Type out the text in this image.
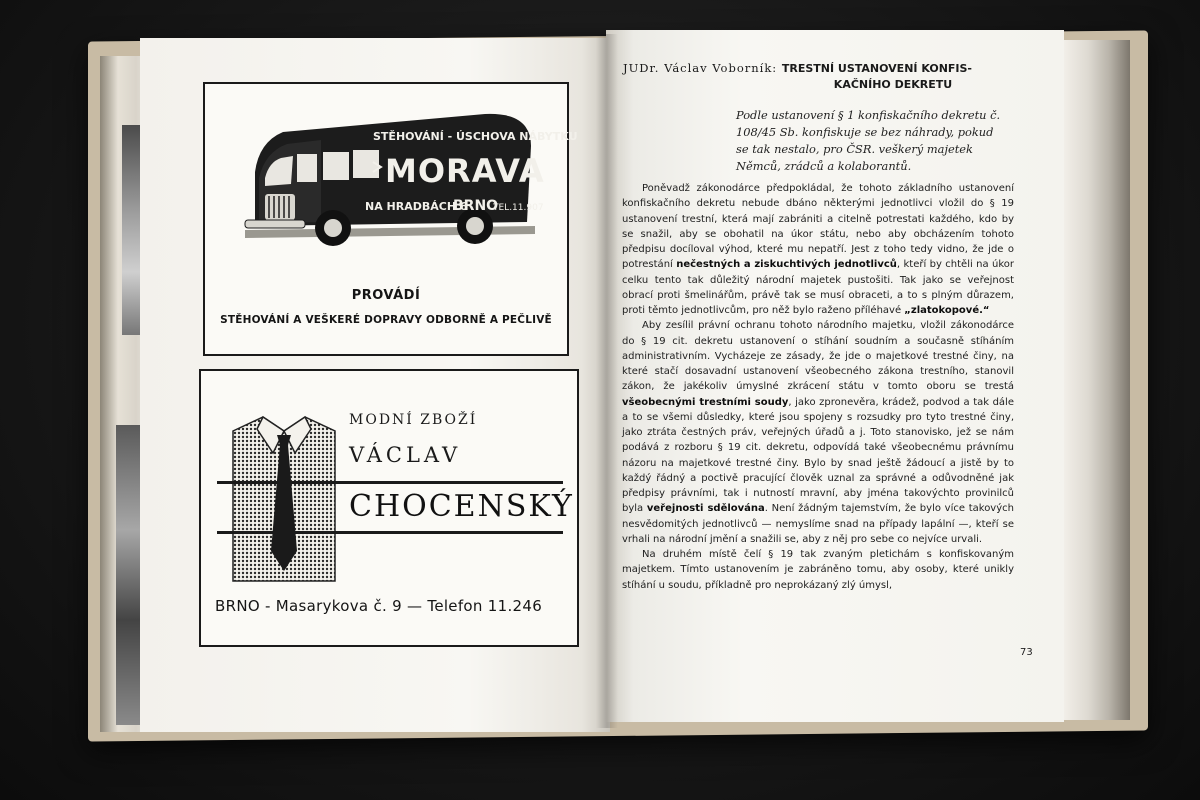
STĚHOVÁNÍ - ÚSCHOVA NÁBYTKU
MORAVA
NA HRADBÁCH 6
BRNO
TEL.11.907
PROVÁDÍ
STĚHOVÁNÍ A VEŠKERÉ DOPRAVY ODBORNĚ A PEČLIVĚ
MODNÍ ZBOŽÍ
VÁCLAV
CHOCENSKÝ
BRNO - Masarykova č. 9 — Telefon 11.246
JUDr. Václav Voborník: TRESTNÍ USTANOVENÍ KONFIS-
KAČNÍHO DEKRETU
Podle ustanovení § 1 konfiskačního dekretu č. 108/45 Sb. konfiskuje se bez náhrady, pokud se tak nestalo, pro ČSR. veškerý majetek Němců, zrádců a kolaborantů.

Poněvadž zákonodárce předpokládal, že tohoto základního ustanovení konfiskačního dekretu nebude dbáno některými jednotlivci vložil do § 19 ustanovení trestní, která mají zabrániti a citelně potrestati každého, kdo by se snažil, aby se obohatil na úkor státu, nebo aby obcházením tohoto předpisu docíloval výhod, které mu nepatří. Jest z toho tedy vidno, že jde o potrestání nečestných a ziskuchtivých jednotlivců, kteří by chtěli na úkor celku tento tak důležitý národní majetek pustošiti. Tak jako se veřejnost obrací proti šmelinářům, právě tak se musí obraceti, a to s plným důrazem, proti těmto jednotlivcům, pro něž bylo raženo příléhavé „zlatokopové.“

Aby zesílil právní ochranu tohoto národního majetku, vložil zákonodárce do § 19 cit. dekretu ustanovení o stíhání soudním a současně stíháním administrativním. Vycházeje ze zásady, že jde o majetkové trestné činy, na které stačí dosavadní ustanovení všeobecného zákona trestního, stanovil zákon, že jakékoliv úmyslné zkrácení státu v tomto oboru se trestá všeobecnými trestními soudy, jako zpronevěra, krádež, podvod a tak dále a to se všemi důsledky, které jsou spojeny s rozsudky pro tyto trestné činy, jako ztráta čestných práv, veřejných úřadů a j. Toto stanovisko, jež se nám podává z rozboru § 19 cit. dekretu, odpovídá také všeobecnému právnímu názoru na majetkové trestné činy. Bylo by snad ještě žádoucí a jistě by to každý řádný a poctivě pracující člověk uznal za správné a odůvodněné jak předpisy právními, tak i nutností mravní, aby jména takovýchto provinilců byla veřejnosti sdělována. Není žádným tajemstvím, že bylo více takových nesvědomitých jednotlivců — nemyslíme snad na případy lapální —, kteří se vrhali na národní jmění a snažili se, aby z něj pro sebe co nejvíce urvali.

Na druhém místě čelí § 19 tak zvaným pletichám s konfiskovaným majetkem. Tímto ustanovením je zabráněno tomu, aby osoby, které unikly stíhání u soudu, příkladně pro neprokázaný zlý úmysl,

73
